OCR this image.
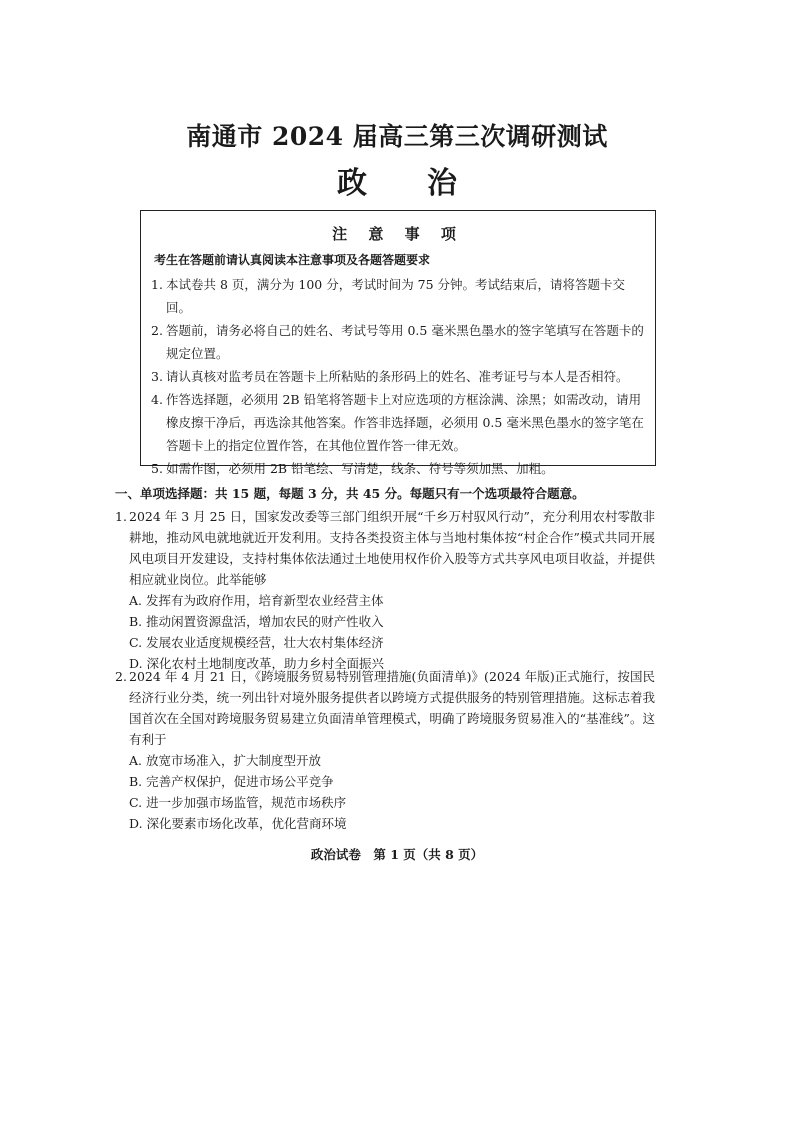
南通市 2024 届高三第三次调研测试
政 治
注 意 事 项
考生在答题前请认真阅读本注意事项及各题答题要求
1. 本试卷共 8 页，满分为 100 分，考试时间为 75 分钟。考试结束后，请将答题卡交回。
2. 答题前，请务必将自己的姓名、考试号等用 0.5 毫米黑色墨水的签字笔填写在答题卡的规定位置。
3. 请认真核对监考员在答题卡上所粘贴的条形码上的姓名、准考证号与本人是否相符。
4. 作答选择题，必须用 2B 铅笔将答题卡上对应选项的方框涂满、涂黑；如需改动，请用橡皮擦干净后，再选涂其他答案。作答非选择题，必须用 0.5 毫米黑色墨水的签字笔在答题卡上的指定位置作答，在其他位置作答一律无效。
5. 如需作图，必须用 2B 铅笔绘、写清楚，线条、符号等须加黑、加粗。
一、单项选择题：共 15 题，每题 3 分，共 45 分。每题只有一个选项最符合题意。
1. 2024 年 3 月 25 日，国家发改委等三部门组织开展“千乡万村驭风行动”，充分利用农村零散非耕地，推动风电就地就近开发利用。支持各类投资主体与当地村集体按“村企合作”模式共同开展风电项目开发建设，支持村集体依法通过土地使用权作价入股等方式共享风电项目收益，并提供相应就业岗位。此举能够
A. 发挥有为政府作用，培育新型农业经营主体
B. 推动闲置资源盘活，增加农民的财产性收入
C. 发展农业适度规模经营，壮大农村集体经济
D. 深化农村土地制度改革，助力乡村全面振兴
2. 2024 年 4 月 21 日，《跨境服务贸易特别管理措施(负面清单)》(2024 年版)正式施行，按国民经济行业分类，统一列出针对境外服务提供者以跨境方式提供服务的特别管理措施。这标志着我国首次在全国对跨境服务贸易建立负面清单管理模式，明确了跨境服务贸易准入的“基准线”。这有利于
A. 放宽市场准入，扩大制度型开放
B. 完善产权保护，促进市场公平竞争
C. 进一步加强市场监管，规范市场秩序
D. 深化要素市场化改革，优化营商环境
政治试卷　第 1 页（共 8 页）
